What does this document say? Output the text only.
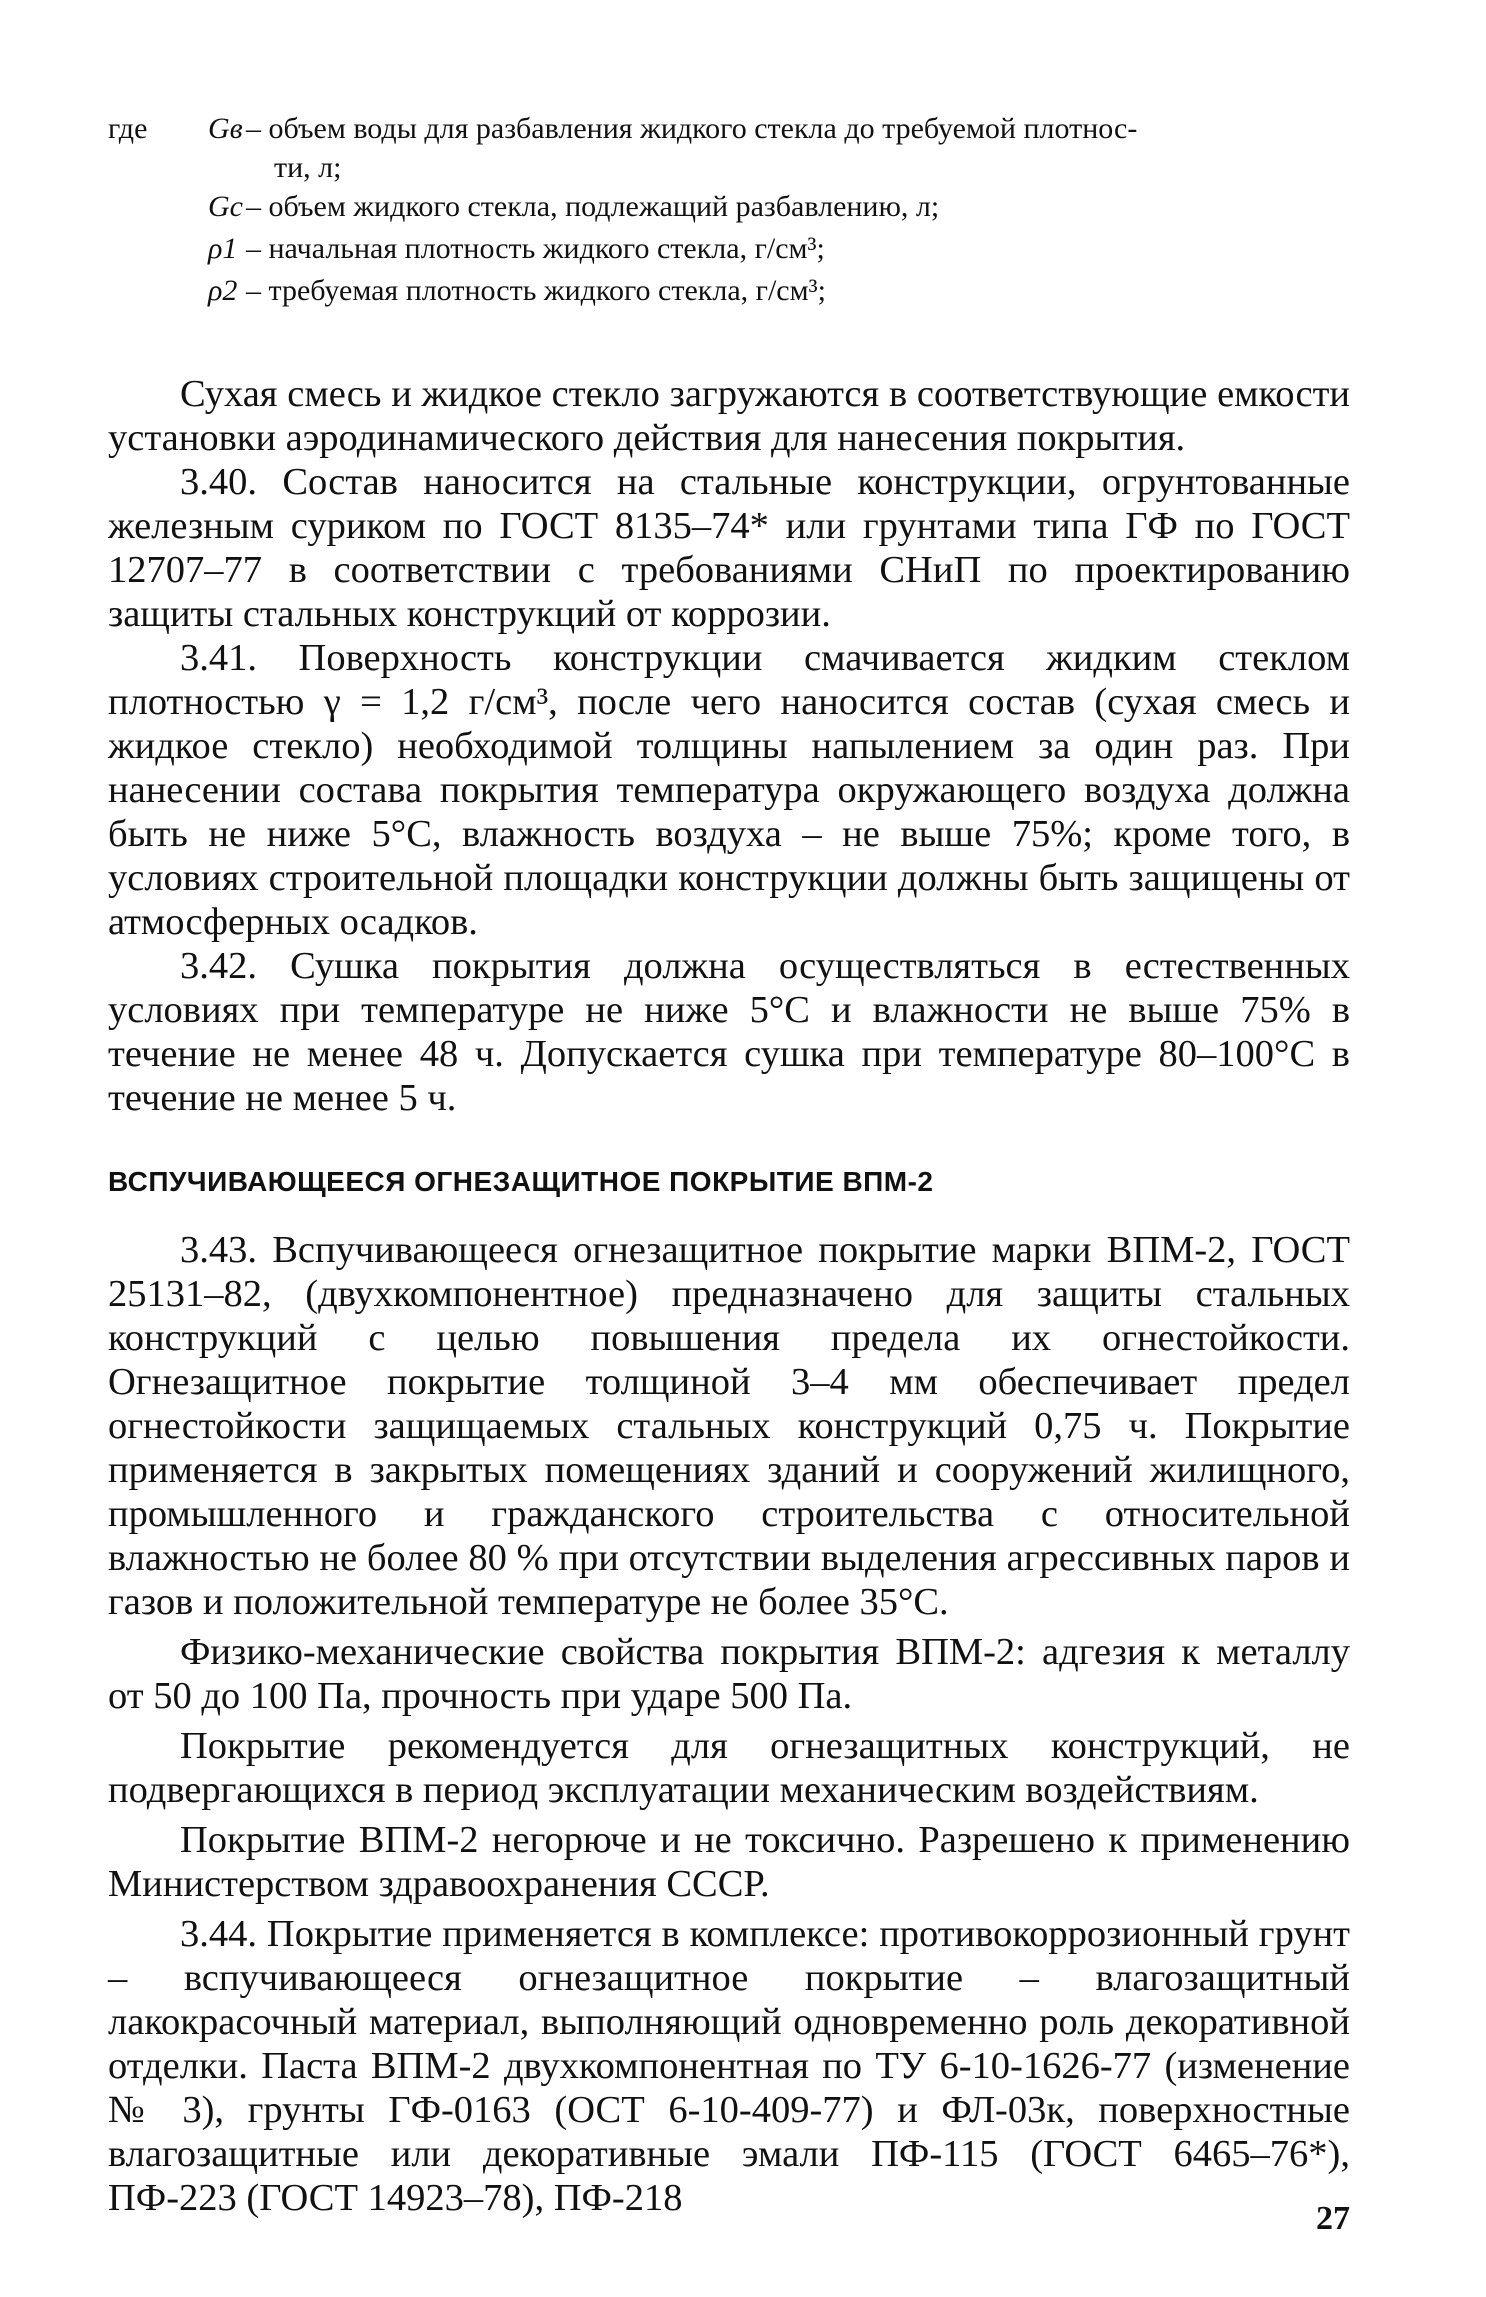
где	Gв – объем воды для разбавления жидкого стекла до требуемой плотнос-
ти, л;
Gс – объем жидкого стекла, подлежащий разбавлению, л;
ρ1 – начальная плотность жидкого стекла, г/см³;
ρ2 – требуемая плотность жидкого стекла, г/см³;

Сухая смесь и жидкое стекло загружаются в соответствующие емкости установки аэродинамического действия для нанесения покрытия.

3.40. Состав наносится на стальные конструкции, огрунтованные железным суриком по ГОСТ 8135–74* или грунтами типа ГФ по ГОСТ 12707–77 в соответствии с требованиями СНиП по проектированию защиты стальных конструкций от коррозии.

3.41. Поверхность конструкции смачивается жидким стеклом плотностью γ = 1,2 г/см³, после чего наносится состав (сухая смесь и жидкое стекло) необходимой толщины напылением за один раз. При нанесении состава покрытия температура окружающего воздуха должна быть не ниже 5°С, влажность воздуха – не выше 75%; кроме того, в условиях строительной площадки конструкции должны быть защищены от атмосферных осадков.

3.42. Сушка покрытия должна осуществляться в естественных условиях при температуре не ниже 5°С и влажности не выше 75% в течение не менее 48 ч. Допускается сушка при температуре 80–100°С в течение не менее 5 ч.

ВСПУЧИВАЮЩЕЕСЯ ОГНЕЗАЩИТНОЕ ПОКРЫТИЕ ВПМ-2

3.43. Вспучивающееся огнезащитное покрытие марки ВПМ-2, ГОСТ 25131–82, (двухкомпонентное) предназначено для защиты стальных конструкций с целью повышения предела их огнестойкости. Огнезащитное покрытие толщиной 3–4 мм обеспечивает предел огнестойкости защищаемых стальных конструкций 0,75 ч. Покрытие применяется в закрытых помещениях зданий и сооружений жилищного, промышленного и гражданского строительства с относительной влажностью не более 80 % при отсутствии выделения агрессивных паров и газов и положительной температуре не более 35°С.

Физико-механические свойства покрытия ВПМ-2: адгезия к металлу от 50 до 100 Па, прочность при ударе 500 Па.

Покрытие рекомендуется для огнезащитных конструкций, не подвергающихся в период эксплуатации механическим воздействиям.

Покрытие ВПМ-2 негорюче и не токсично. Разрешено к применению Министерством здравоохранения СССР.

3.44. Покрытие применяется в комплексе: противокоррозионный грунт – вспучивающееся огнезащитное покрытие – влагозащитный лакокрасочный материал, выполняющий одновременно роль декоративной отделки. Паста ВПМ-2 двухкомпонентная по ТУ 6-10-1626-77 (изменение № 3), грунты ГФ-0163 (ОСТ 6-10-409-77) и ФЛ-03к, поверхностные влагозащитные или декоративные эмали ПФ-115 (ГОСТ 6465–76*), ПФ-223 (ГОСТ 14923–78), ПФ-218	27
